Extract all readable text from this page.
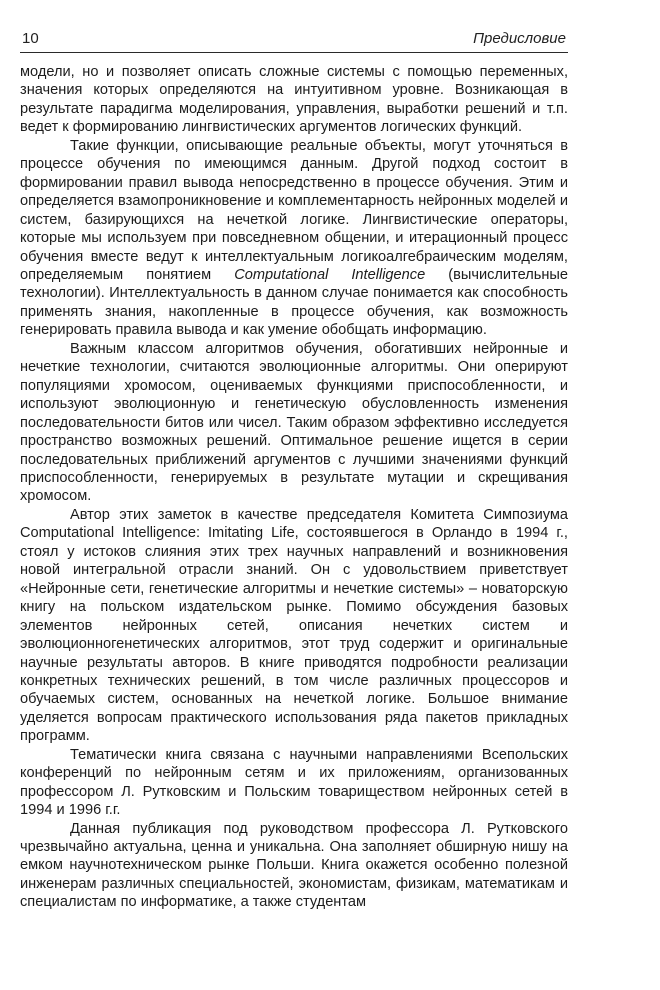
10	Предисловие

модели, но и позволяет описать сложные системы с помощью переменных, значения которых определяются на интуитивном уровне. Возникающая в результате парадигма моделирования, управления, выработки решений и т.п. ведет к формированию лингвистических аргументов логических функций.

Такие функции, описывающие реальные объекты, могут уточняться в процессе обучения по имеющимся данным. Другой подход состоит в формировании правил вывода непосредственно в процессе обучения. Этим и определяется взамопроникновение и комплементарность нейронных моделей и систем, базирующихся на нечеткой логике. Лингвистические операторы, которые мы используем при повседневном общении, и итерационный процесс обучения вместе ведут к интеллектуальным логикоалгебраическим моделям, определяемым понятием Computational Intelligence (вычислительные технологии). Интеллектуальность в данном случае понимается как способность применять знания, накопленные в процессе обучения, как возможность генерировать правила вывода и как умение обобщать информацию.

Важным классом алгоритмов обучения, обогативших нейронные и нечеткие технологии, считаются эволюционные алгоритмы. Они оперируют популяциями хромосом, оцениваемых функциями приспособленности, и используют эволюционную и генетическую обусловленность изменения последовательности битов или чисел. Таким образом эффективно исследуется пространство возможных решений. Оптимальное решение ищется в серии последовательных приближений аргументов с лучшими значениями функций приспособленности, генерируемых в результате мутации и скрещивания хромосом.

Автор этих заметок в качестве председателя Комитета Симпозиума Computational Intelligence: Imitating Life, состоявшегося в Орландо в 1994 г., стоял у истоков слияния этих трех научных направлений и возникновения новой интегральной отрасли знаний. Он с удовольствием приветствует «Нейронные сети, генетические алгоритмы и нечеткие системы» – новаторскую книгу на польском издательском рынке. Помимо обсуждения базовых элементов нейронных сетей, описания нечетких систем и эволюционногенетических алгоритмов, этот труд содержит и оригинальные научные результаты авторов. В книге приводятся подробности реализации конкретных технических решений, в том числе различных процессоров и обучаемых систем, основанных на нечеткой логике. Большое внимание уделяется вопросам практического использования ряда пакетов прикладных программ.

Тематически книга связана с научными направлениями Всепольских конференций по нейронным сетям и их приложениям, организованных профессором Л. Рутковским и Польским товариществом нейронных сетей в 1994 и 1996 г.г.

Данная публикация под руководством профессора Л. Рутковского чрезвычайно актуальна, ценна и уникальна. Она заполняет обширную нишу на емком научнотехническом рынке Польши. Книга окажется особенно полезной инженерам различных специальностей, экономистам, физикам, математикам и специалистам по информатике, а также студентам
